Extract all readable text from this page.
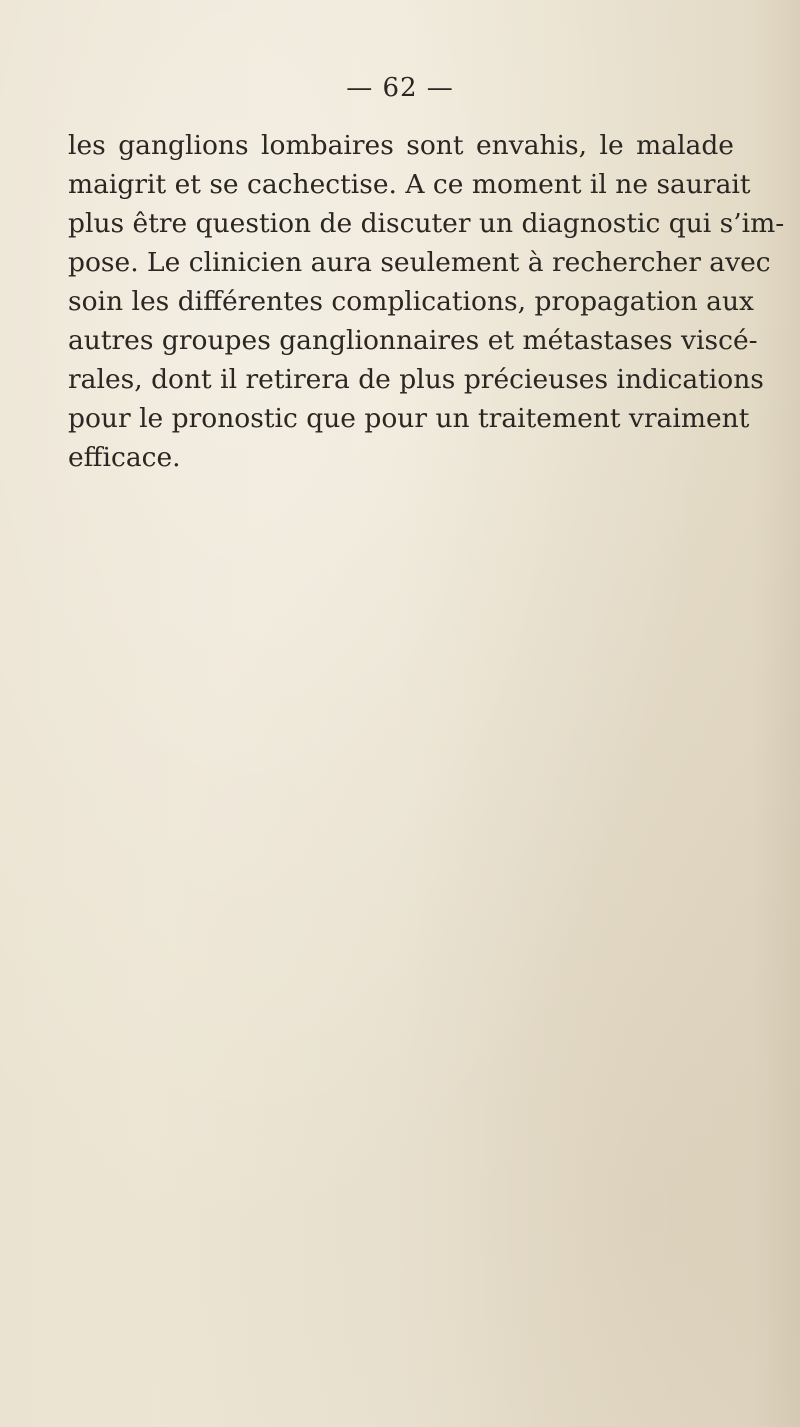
— 62 —
les ganglions lombaires sont envahis, le malade
maigrit et se cachectise. A ce moment il ne saurait
plus être question de discuter un diagnostic qui s’im-
pose. Le clinicien aura seulement à rechercher avec
soin les différentes complications, propagation aux
autres groupes ganglionnaires et métastases viscé-
rales, dont il retirera de plus précieuses indications
pour le pronostic que pour un traitement vraiment
efficace.
